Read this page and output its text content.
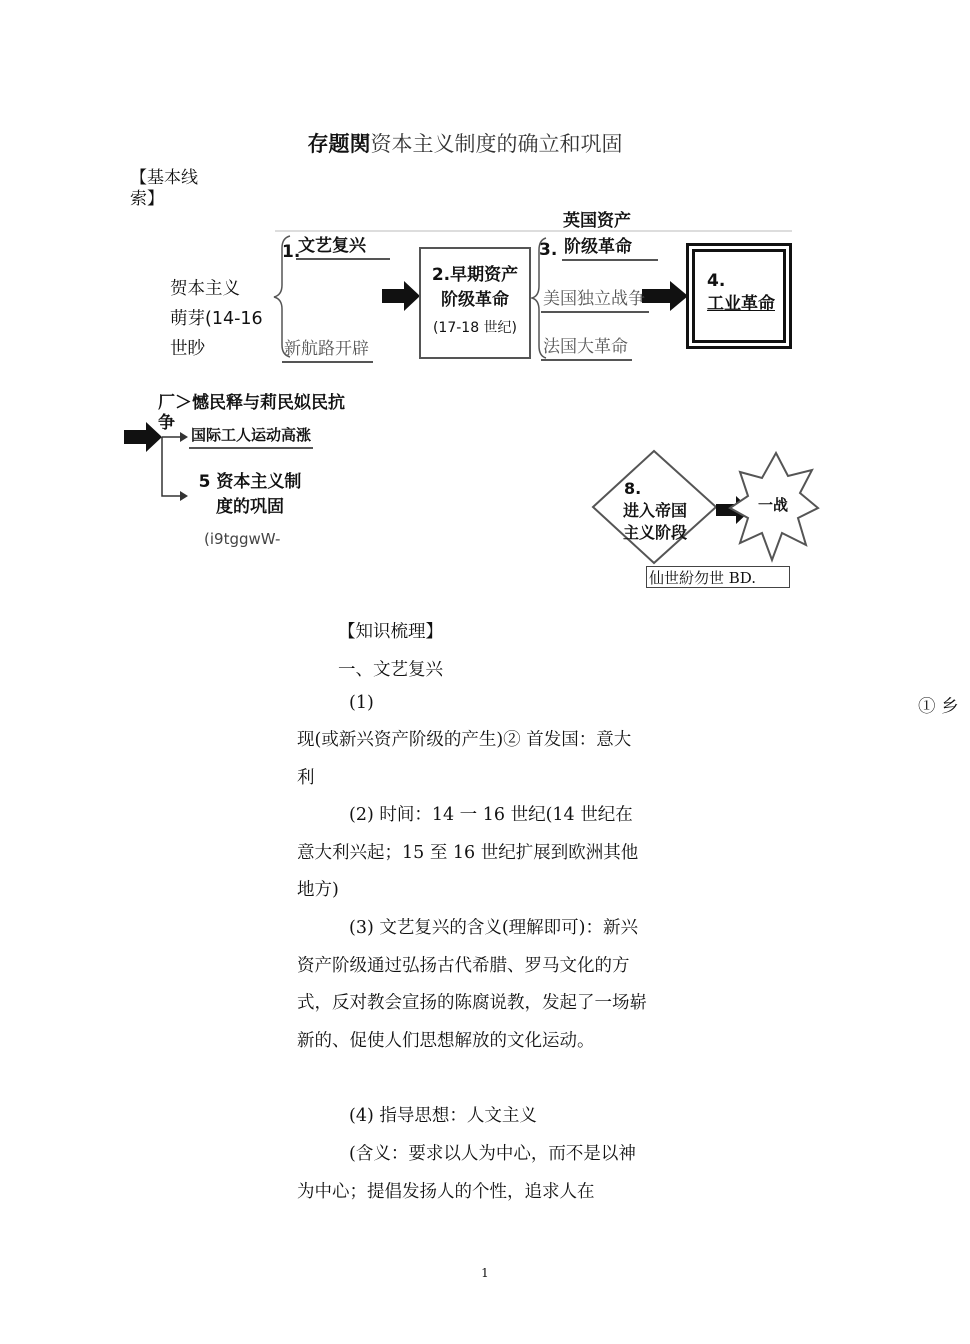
存题関资本主义制度的确立和巩固
【基本线
索】
贺本主义
萌芽(14-16
世眇
1.
文艺复兴
新航路开辟
2.早期资产
阶级革命
(17-18 世纪)
英国资产
3. 阶级革命
美国独立战争
法国大革命
4.
工业革命
厂＞憾民释与莉民姒民抗
争
国际工人运动高涨
5 资本主义制
度的巩固
(i9tggwW-
8.
进入帝国
主义阶段
一战
仙世紛勿世 BD.
【知识梳理】
一、文艺复兴
(1)	① 乡
现(或新兴资产阶级的产生)② 首发国：意大利
(2) 时间：14 一 16 世纪(14 世纪在意大利兴起；15 至 16 世纪扩展到欧洲其他地方)
(3) 文艺复兴的含义(理解即可)：新兴资产阶级通过弘扬古代希腊、罗马文化的方式，反对教会宣扬的陈腐说教，发起了一场崭新的、促使人们思想解放的文化运动。
(4) 指导思想：人文主义
(含义：要求以人为中心，而不是以神为中心；提倡发扬人的个性，追求人在
1
